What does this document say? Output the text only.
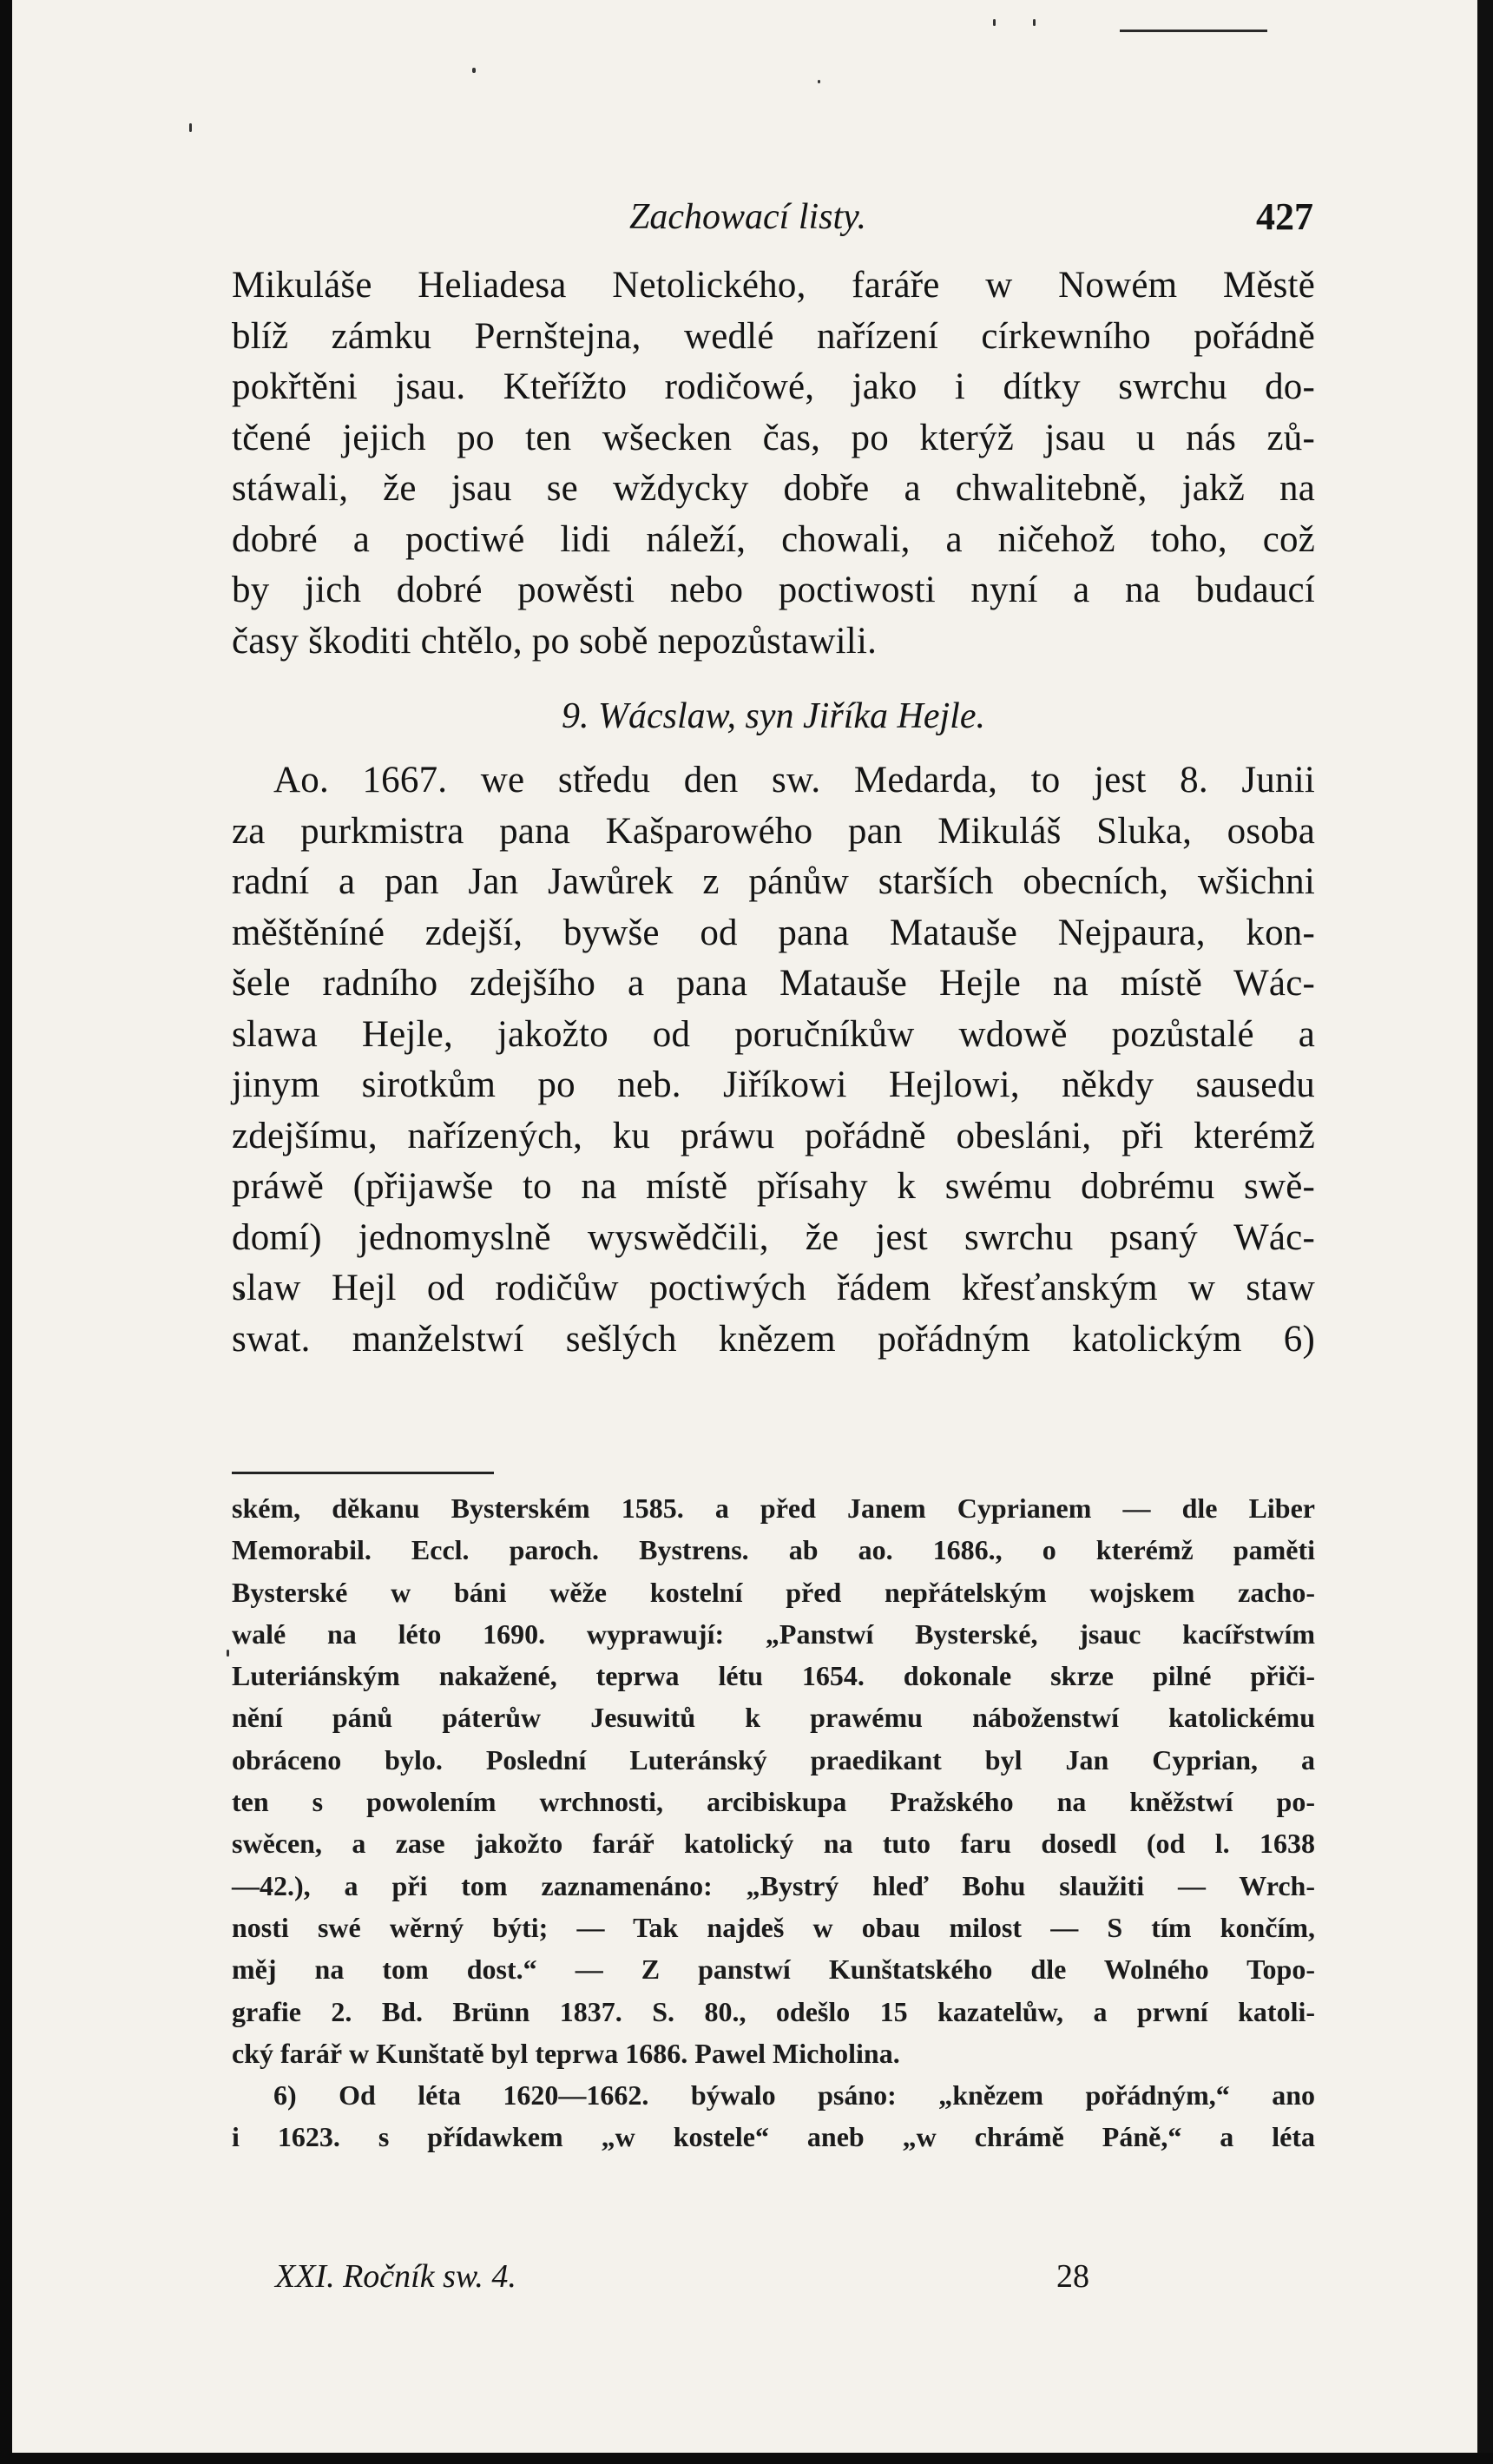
Zachowací listy.	427
Mikuláše Heliadesa Netolického, faráře w Nowém Městě
blíž zámku Pernštejna, wedlé nařízení církewního pořádně
pokřtěni jsau. Kteřížto rodičowé, jako i dítky swrchu do-
tčené jejich po ten wšecken čas, po kterýž jsau u nás zů-
stáwali, že jsau se wždycky dobře a chwalitebně, jakž na
dobré a poctiwé lidi náleží, chowali, a ničehož toho, což
by jich dobré powěsti nebo poctiwosti nyní a na budaucí
časy škoditi chtělo, po sobě nepozůstawili.
9. Wácslaw, syn Jiříka Hejle.
Ao. 1667. we středu den sw. Medarda, to jest 8. Junii
za purkmistra pana Kašparowého pan Mikuláš Sluka, osoba
radní a pan Jan Jawůrek z pánůw starších obecních, wšichni
měštěníné zdejší, bywše od pana Matauše Nejpaura, kon-
šele radního zdejšího a pana Matauše Hejle na místě Wác-
slawa Hejle, jakožto od poručníkůw wdowě pozůstalé a
jinym sirotkům po neb. Jiříkowi Hejlowi, někdy sausedu
zdejšímu, nařízených, ku práwu pořádně obesláni, při kterémž
práwě (přijawše to na místě přísahy k swému dobrému swě-
domí) jednomyslně wyswědčili, že jest swrchu psaný Wác-
slaw Hejl od rodičůw poctiwých řádem křesťanským w staw
swat. manželstwí sešlých knězem pořádným katolickým 6)
ském, děkanu Bysterském 1585. a před Janem Cyprianem — dle Liber
Memorabil. Eccl. paroch. Bystrens. ab ao. 1686., o kterémž paměti
Bysterské w báni wěže kostelní před nepřátelským wojskem zacho-
walé na léto 1690. wyprawují: „Panstwí Bysterské, jsauc kacířstwím
Luteriánským nakažené, teprwa létu 1654. dokonale skrze pilné přiči-
nění pánů páterůw Jesuwitů k prawému náboženstwí katolickému
obráceno bylo. Poslední Luteránský praedikant byl Jan Cyprian, a
ten s powolením wrchnosti, arcibiskupa Pražského na kněžstwí po-
swěcen, a zase jakožto farář katolický na tuto faru dosedl (od l. 1638
—42.), a při tom zaznamenáno: „Bystrý hleď Bohu slaužiti — Wrch-
nosti swé wěrný býti; — Tak najdeš w obau milost — S tím končím,
měj na tom dost.“ — Z panstwí Kunštatského dle Wolného Topo-
grafie 2. Bd. Brünn 1837. S. 80., odešlo 15 kazatelůw, a prwní katoli-
cký farář w Kunštatě byl teprwa 1686. Pawel Micholina.
6) Od léta 1620—1662. býwalo psáno: „knězem pořádným,“ ano
i 1623. s přídawkem „w kostele“ aneb „w chrámě Páně,“ a léta
XXI. Ročník sw. 4.	28
